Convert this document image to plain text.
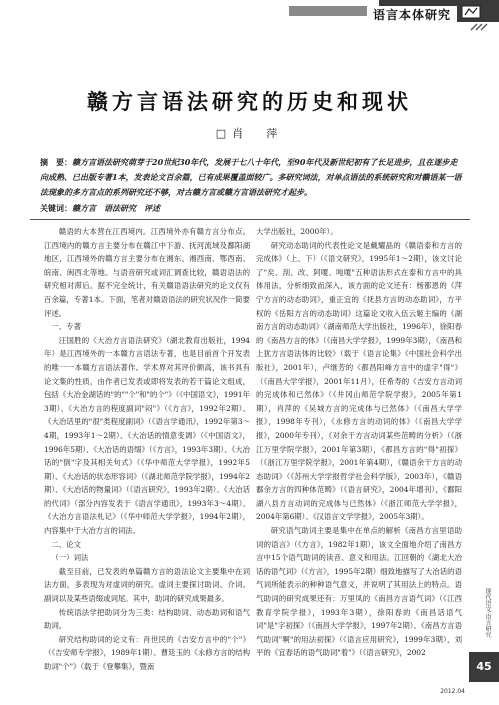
语言本体研究
赣方言语法研究的历史和现状
□肖　萍
摘　要：赣方言语法研究萌芽于20世纪30年代，发展于七八十年代，至90年代及新世纪初有了长足进步，且在逐步走向成熟、已出版专著1本，发表论文百余篇，已有成果覆盖面较广。多研究词法，对单点语法的系统研究和对赣语某一语法现象的多方言点的系列研究还不够，对古赣方言或赣方言语法研究才起步。
关键词：赣方言　语法研究　评述

赣语的大本营在江西境内。江西境外亦有赣方言分布点。江西境内的赣方言主要分布在赣江中下游、抚河流域及鄱阳湖地区，江西境外的赣方言主要分布在湘东、湘西南、鄂西南、皖南、闽西北等地。与语音研究或词汇调查比较，赣语语法的研究相对滞后。据不完全统计，有关赣语语法研究的论文仅有百余篇，专著1本。下面，笔者对赣语语法的研究状况作一简要评述。

一、专著

汪国胜的《大冶方言语法研究》（湖北教育出版社，1994年）是江西境外的一本赣方言语法专著，也是目前首个开发表的唯一一本赣方言语法著作。学术界对其评价颇高，该书具有论文集的性质，由作者已发表或即将发表的若干篇论文组成，包括《大冶金湖话的"的""个"和"的个"》（《中国语文》，1991年3期）、《大冶方言的程度副词"闷"》（《方言》，1992年2期）、《大冶话里的"很"类程度副词》（《语言学通讯》，1992年第3～4期，1993年1～2期）、《大冶话的情意变调》（《中国语文》，1996年5期）、《大冶话的语缀》（《方言》，1993年3期）、《大冶话的"倒"字及其相关句式》（《华中师范大学学报》，1992年5期）、《大冶话的状态形容词》（《湖北师范学院学报》，1994年2期）、《大冶话的物量词》（《语言研究》，1993年2期）、《大冶话的代词》（部分内容发表于《语言学通讯》，1993年3～4期）、《大冶方言语法札记》（《华中师范大学学报》，1994年2期），内容集中于大冶方言的词法。

二、论文

（一）词法

截至目前，已发表的单篇赣方言的语法论文主要集中在词法方面，多表现为对虚词的研究。虚词主要探讨助词、介词、副词以及某些语缀或词尾。其中，助词的研究成果最多。

传统语法学把助词分为三类：结构助词、动态助词和语气助词。

研究结构助词的论文有：肖世民的《吉安方言中的"个"》（《吉安师专学报》，1989年1期）、曹廷玉的《永修方言的结构助词"个"》（载于《登攀集》，暨南

大学出版社，2000年）。

研究动态助词的代表性论文是戴耀晶的《赣语泰和方言的完成体》（上、下）（《语文研究》，1995年1～2期），该文讨论了"矣、刮、改、阿嗄、吨嗄"五种语法形式在泰和方言中的具体用法，分析细致而深入，该方面的论文还有：杨都恩的《萍宁方言的动态助词》，重正宜的《抚县方言的动态助词》，方平权的《岳阳方言的动态助词》这篇论文收入伍云姬主编的《湖南方言的动态助词》（湖南师范大学出版社，1996年），徐阳春的《南昌方言的体》（《南昌大学学报》，1999年3期），《南昌和上犹方言语法体的比较》（载于《语言论集》《中国社会科学出版社》，2001年），卢继芳的《都昌阳峰方言中的虚字"得"》（《南昌大学学报》，2001年11月），任希寿的《吉安方言动词的完成体和已然体》（《井冈山师范学院学报》，2005年第1期），肖萍的《吴城方言的完成体与已然体》（《南昌大学学报》，1998年专刊），《永修方言的动词的体》（《南昌大学学报》，2000年专刊），《对余干方言动词某些范畴的分析》（《浙江万里学院学报》，2001年第3期），《都昌方言的"得"初探》（《浙江万里学院学报》，2001年第4期），《赣语余干方言的动态助词》（《苏州大学学报哲学社会科学版》，2003年），《赣语鄱余方言的四种体范畴》（《语言研究》，2004年增刊），《鄱阳湖八县方言动词的完成体与已然体》（《浙江师范大学学报》，2004年第6期）、《汉语言文学学报》，2005年3期）。

研究语气助词主要是集中在单点的解析《南昌方言里语助词的语言》（《方言》，1982年1期），该文全面地介绍了南昌方言中15个语气助词的读音、意义和用法。江回朝的《湖北大冶话的语气词》（《方言》，1995年2期）细致地描写了大冶话的语气词所能表示的种种语气意义，并说明了其用法上的特点。语气助词的研究成果还有：万里凤的《南昌方言语气词》（《江西教育学院学报》，1993年3期），徐阳春的《南昌话语气词"是"字初探》（《南昌大学学报》，1997年2期）、《南昌方言语气助词"啊"的用法初探》（《语言应用研究》，1999年3期），刘平的《宜春话的语气助词"着"》（《语言研究》，2002

现代语文·语言研究
45
2012.04
